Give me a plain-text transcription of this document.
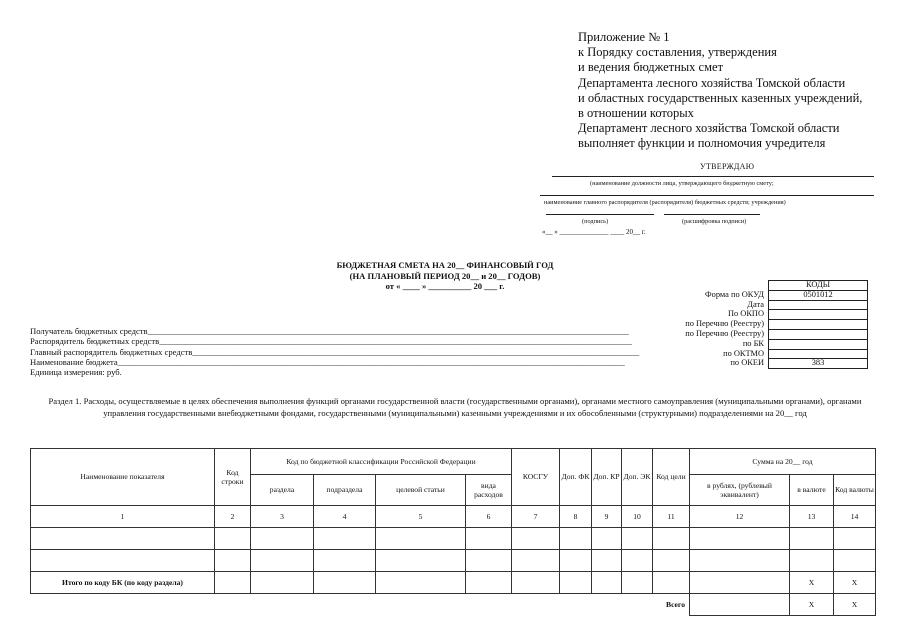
Приложение № 1
к Порядку составления, утверждения
и ведения бюджетных смет
Департамента лесного хозяйства Томской области
и областных государственных казенных учреждений,
в отношении которых
Департамент лесного хозяйства Томской области
выполняет функции и полномочия учредителя
УТВЕРЖДАЮ
(наименование должности лица, утверждающего бюджетную смету;
наименование главного распорядителя (распорядителя) бюджетных средств; учреждения)
(подпись)	(расшифровка подписи)
«__ » ______________ ____ 20__ г.
БЮДЖЕТНАЯ СМЕТА НА 20__ ФИНАНСОВЫЙ ГОД
(НА ПЛАНОВЫЙ ПЕРИОД 20__ и 20__ ГОДОВ)
от « ____ » __________ 20 ___ г.
Получатель бюджетных средств________________________________________________________________________________________________________________
Распорядитель бюджетных средств______________________________________________________________________________________________________________
Главный распорядитель бюджетных средств________________________________________________________________________________________________________
Наименование бюджета______________________________________________________________________________________________________________________
Единица измерения: руб.
	КОДЫ
Форма по ОКУД	0501012
Дата	
По ОКПО	
по Перечню (Реестру)	
по Перечню (Реестру)	
по БК	
по ОКТМО	
по ОКЕИ	383
Раздел 1. Расходы, осуществляемые в целях обеспечения выполнения функций органами государственной власти (государственными органами), органами местного самоуправления (муниципальными органами), органами управления государственными внебюджетными фондами, государственными (муниципальными) казенными учреждениями и их обособленными (структурными) подразделениями на 20__ год
Наименование показателя	Код строки	Код по бюджетной классификации Российской Федерации				КОСГУ	Доп. ФК	Доп. КР	Доп. ЭК	Код цели	Сумма на 20__ год		
		раздела	подраздела	целевой статьи	вида расходов						в рублях, (рублевый эквивалент)	в валюте	Код валюты
1	2	3	4	5	6	7	8	9	10	11	12	13	14

Итого по коду БК (по коду раздела)												X	X
										Всего		X	X
